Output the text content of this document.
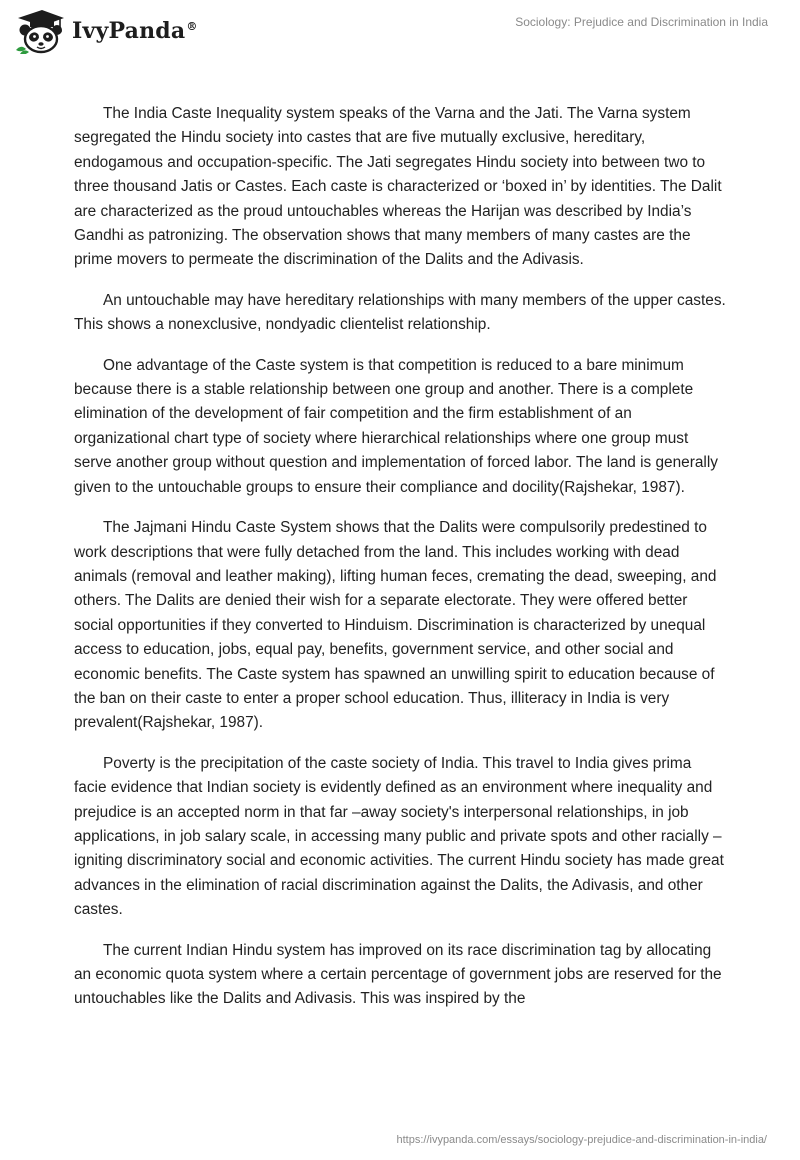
IvyPanda®	Sociology: Prejudice and Discrimination in India

The India Caste Inequality system speaks of the Varna and the Jati. The Varna system segregated the Hindu society into castes that are five mutually exclusive, hereditary, endogamous and occupation-specific. The Jati segregates Hindu society into between two to three thousand Jatis or Castes. Each caste is characterized or ‘boxed in’ by identities. The Dalit are characterized as the proud untouchables whereas the Harijan was described by India’s Gandhi as patronizing. The observation shows that many members of many castes are the prime movers to permeate the discrimination of the Dalits and the Adivasis.

An untouchable may have hereditary relationships with many members of the upper castes. This shows a nonexclusive, nondyadic clientelist relationship.

One advantage of the Caste system is that competition is reduced to a bare minimum because there is a stable relationship between one group and another. There is a complete elimination of the development of fair competition and the firm establishment of an organizational chart type of society where hierarchical relationships where one group must serve another group without question and implementation of forced labor. The land is generally given to the untouchable groups to ensure their compliance and docility(Rajshekar, 1987).

The Jajmani Hindu Caste System shows that the Dalits were compulsorily predestined to work descriptions that were fully detached from the land. This includes working with dead animals (removal and leather making), lifting human feces, cremating the dead, sweeping, and others. The Dalits are denied their wish for a separate electorate. They were offered better social opportunities if they converted to Hinduism. Discrimination is characterized by unequal access to education, jobs, equal pay, benefits, government service, and other social and economic benefits. The Caste system has spawned an unwilling spirit to education because of the ban on their caste to enter a proper school education. Thus, illiteracy in India is very prevalent(Rajshekar, 1987).

Poverty is the precipitation of the caste society of India. This travel to India gives prima facie evidence that Indian society is evidently defined as an environment where inequality and prejudice is an accepted norm in that far –away society's interpersonal relationships, in job applications, in job salary scale, in accessing many public and private spots and other racially –igniting discriminatory social and economic activities. The current Hindu society has made great advances in the elimination of racial discrimination against the Dalits, the Adivasis, and other castes.

The current Indian Hindu system has improved on its race discrimination tag by allocating an economic quota system where a certain percentage of government jobs are reserved for the untouchables like the Dalits and Adivasis. This was inspired by the

https://ivypanda.com/essays/sociology-prejudice-and-discrimination-in-india/
